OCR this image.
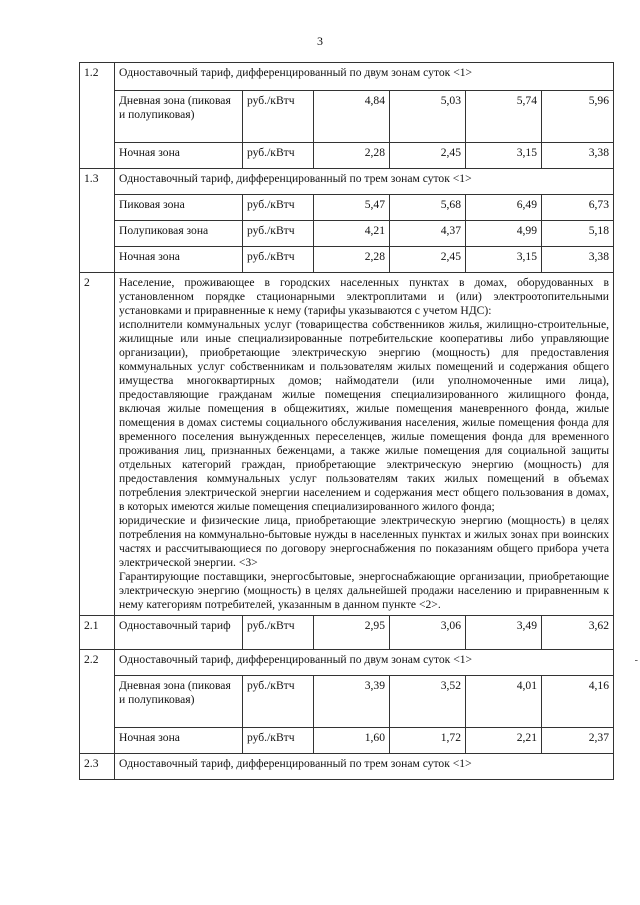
3
1.2	Одноставочный тариф, дифференцированный по двум зонам суток <1>					
	Дневная зона (пиковая и полупиковая)	руб./кВтч	4,84	5,03	5,74	5,96
	Ночная зона	руб./кВтч	2,28	2,45	3,15	3,38
1.3	Одноставочный тариф, дифференцированный по трем зонам суток <1>					
	Пиковая зона	руб./кВтч	5,47	5,68	6,49	6,73
	Полупиковая зона	руб./кВтч	4,21	4,37	4,99	5,18
	Ночная зона	руб./кВтч	2,28	2,45	3,15	3,38
2	Население, проживающее в городских населенных пунктах в домах, оборудованных в установленном порядке стационарными электроплитами и (или) электроотопительными установками и приравненные к нему (тарифы указываются с учетом НДС):
исполнители коммунальных услуг (товарищества собственников жилья, жилищно-строительные, жилищные или иные специализированные потребительские кооперативы либо управляющие организации), приобретающие электрическую энергию (мощность) для предоставления коммунальных услуг собственникам и пользователям жилых помещений и содержания общего имущества многоквартирных домов; наймодатели (или уполномоченные ими лица), предоставляющие гражданам жилые помещения специализированного жилищного фонда, включая жилые помещения в общежитиях, жилые помещения маневренного фонда, жилые помещения в домах системы социального обслуживания населения, жилые помещения фонда для временного поселения вынужденных переселенцев, жилые помещения фонда для временного проживания лиц, признанных беженцами, а также жилые помещения для социальной защиты отдельных категорий граждан, приобретающие электрическую энергию (мощность) для предоставления коммунальных услуг пользователям таких жилых помещений в объемах потребления электрической энергии населением и содержания мест общего пользования в домах, в которых имеются жилые помещения специализированного жилого фонда;
юридические и физические лица, приобретающие электрическую энергию (мощность) в целях потребления на коммунально-бытовые нужды в населенных пунктах и жилых зонах при воинских частях и рассчитывающиеся по договору энергоснабжения по показаниям общего прибора учета электрической энергии. <3>
Гарантирующие поставщики, энергосбытовые, энергоснабжающие организации, приобретающие электрическую энергию (мощность) в целях дальнейшей продажи населению и приравненным к нему категориям потребителей, указанным в данном пункте <2>.					

2.1	Одноставочный тариф	руб./кВтч	2,95	3,06	3,49	3,62
2.2	Одноставочный тариф, дифференцированный по двум зонам суток <1>					
	Дневная зона (пиковая и полупиковая)	руб./кВтч	3,39	3,52	4,01	4,16
	Ночная зона	руб./кВтч	1,60	1,72	2,21	2,37
2.3	Одноставочный тариф, дифференцированный по трем зонам суток <1>					
-
